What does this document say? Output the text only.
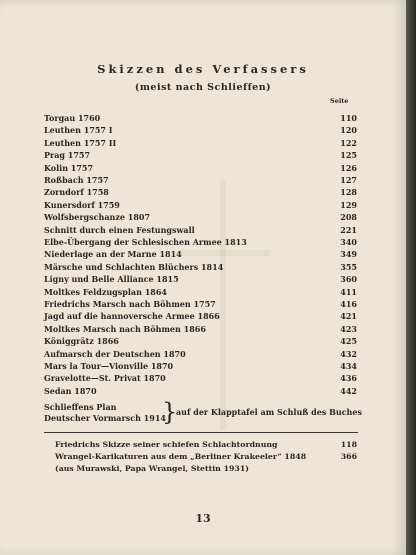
Skizzen des Verfassers
(meist nach Schlieffen)
Seite
Torgau 1760	110
Leuthen 1757 I	120
Leuthen 1757 II	122
Prag 1757	125
Kolin 1757	126
Roßbach 1757	127
Zorndorf 1758	128
Kunersdorf 1759	129
Wolfsbergschanze 1807	208
Schnitt durch einen Festungswall	221
Elbe-Übergang der Schlesischen Armee 1813	340
Niederlage an der Marne 1814	349
Märsche und Schlachten Blüchers 1814	355
Ligny und Belle Alliance 1815	360
Moltkes Feldzugsplan 1864	411
Friedrichs Marsch nach Böhmen 1757	416
Jagd auf die hannoversche Armee 1866	421
Moltkes Marsch nach Böhmen 1866	423
Königgrätz 1866	425
Aufmarsch der Deutschen 1870	432
Mars la Tour—Vionville 1870	434
Gravelotte—St. Privat 1870	436
Sedan 1870	442
Schlieffens Plan
Deutscher Vormarsch 1914
}
auf der Klapptafel am Schluß des Buches
Friedrichs Skizze seiner schiefen Schlachtordnung	118
Wrangel-Karikaturen aus dem „Berliner Krakeeler“ 1848	366
(aus Murawski, Papa Wrangel, Stettin 1931)
13
